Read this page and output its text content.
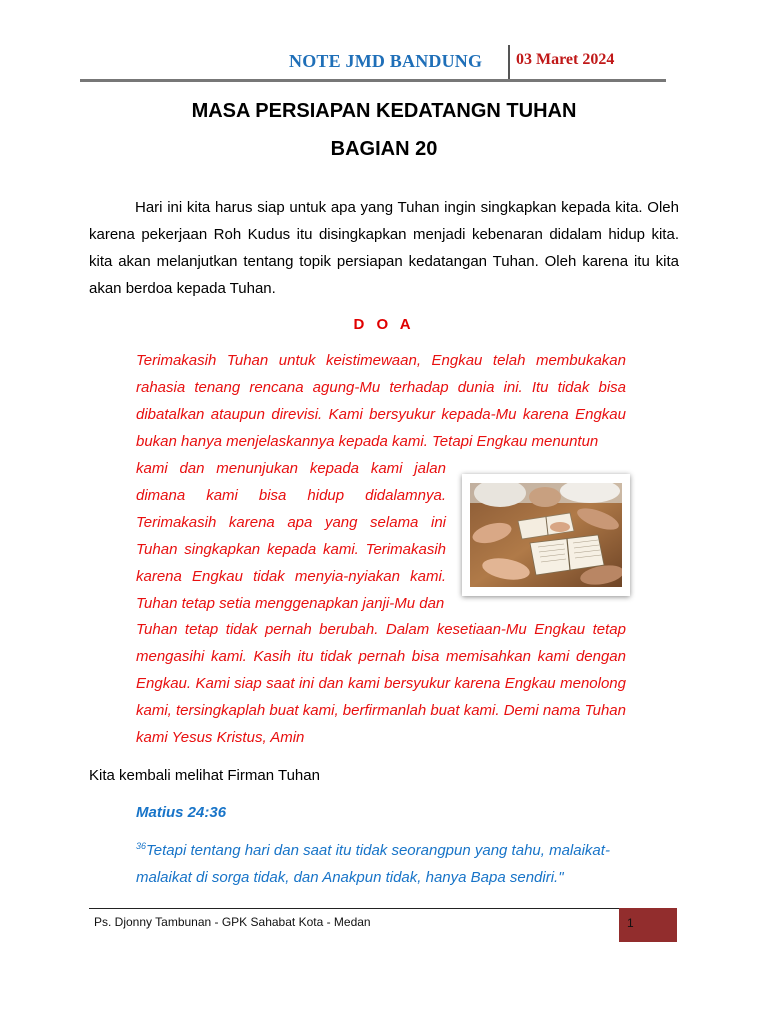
NOTE JMD BANDUNG 03 Maret 2024
MASA PERSIAPAN KEDATANGN TUHAN
BAGIAN 20

Hari ini kita harus siap untuk apa yang Tuhan ingin singkapkan kepada kita. Oleh karena pekerjaan Roh Kudus itu disingkapkan menjadi kebenaran didalam hidup kita. kita akan melanjutkan tentang topik persiapan kedatangan Tuhan. Oleh karena itu kita akan berdoa kepada Tuhan.

D O A

Terimakasih Tuhan untuk keistimewaan, Engkau telah membukakan rahasia tenang rencana agung-Mu terhadap dunia ini. Itu tidak bisa dibatalkan ataupun direvisi. Kami bersyukur kepada-Mu karena Engkau bukan hanya menjelaskannya kepada kami. Tetapi Engkau menuntun

kami dan menunjukan kepada kami jalan dimana kami bisa hidup didalamnya. Terimakasih karena apa yang selama ini Tuhan singkapkan kepada kami. Terimakasih karena Engkau tidak menyia-nyiakan kami. Tuhan tetap setia menggenapkan janji-Mu dan

Tuhan tetap tidak pernah berubah. Dalam kesetiaan-Mu Engkau tetap mengasihi kami. Kasih itu tidak pernah bisa memisahkan kami dengan Engkau. Kami siap saat ini dan kami bersyukur karena Engkau menolong kami, tersingkaplah buat kami, berfirmanlah buat kami. Demi nama Tuhan kami Yesus Kristus, Amin

Kita kembali melihat Firman Tuhan
Matius 24:36

$^{36}$Tetapi tentang hari dan saat itu tidak seorangpun yang tahu, malaikat-malaikat di sorga tidak, dan Anakpun tidak, hanya Bapa sendiri."

Ps. Djonny Tambunan - GPK Sahabat Kota - Medan	1
